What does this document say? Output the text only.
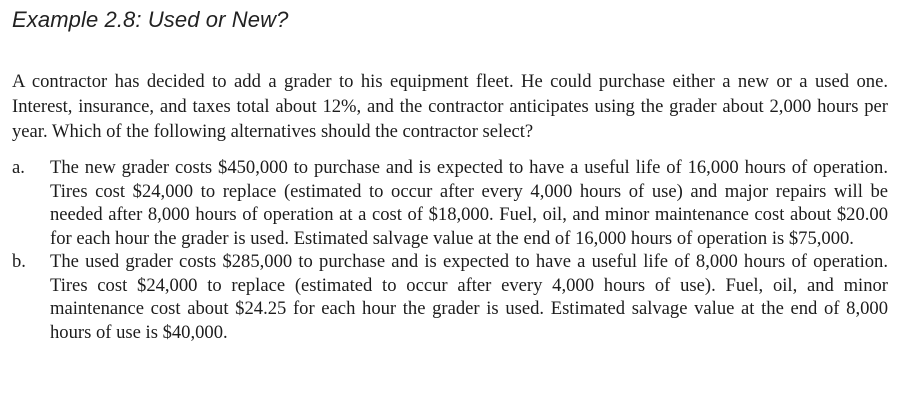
Example 2.8: Used or New?

A contractor has decided to add a grader to his equipment fleet. He could purchase either a new or a used one. Interest, insurance, and taxes total about 12%, and the contractor anticipates using the grader about 2,000 hours per year. Which of the following alternatives should the contractor select?

a.	The new grader costs $450,000 to purchase and is expected to have a useful life of 16,000 hours of operation. Tires cost $24,000 to replace (estimated to occur after every 4,000 hours of use) and major repairs will be needed after 8,000 hours of operation at a cost of $18,000. Fuel, oil, and minor maintenance cost about $20.00 for each hour the grader is used. Estimated salvage value at the end of 16,000 hours of operation is $75,000.
b.	The used grader costs $285,000 to purchase and is expected to have a useful life of 8,000 hours of operation. Tires cost $24,000 to replace (estimated to occur after every 4,000 hours of use). Fuel, oil, and minor maintenance cost about $24.25 for each hour the grader is used. Estimated salvage value at the end of 8,000 hours of use is $40,000.
